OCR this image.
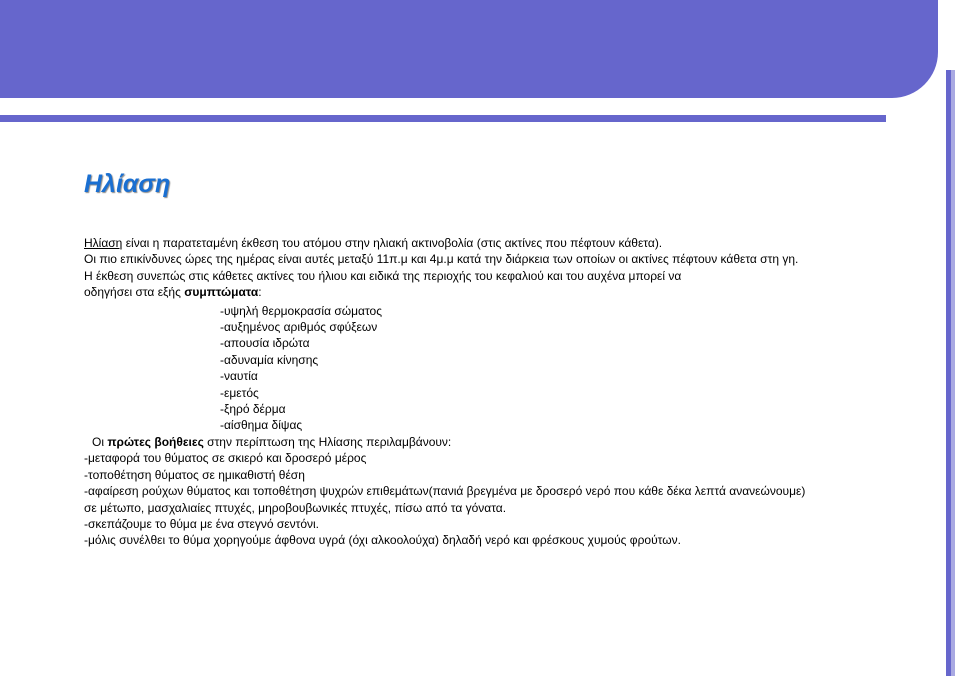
Ηλίαση
Ηλίαση είναι η παρατεταμένη έκθεση του ατόμου στην ηλιακή ακτινοβολία (στις ακτίνες που πέφτουν κάθετα).
Οι πιο επικίνδυνες ώρες της ημέρας είναι αυτές μεταξύ 11π.μ και 4μ.μ κατά την διάρκεια των οποίων οι ακτίνες πέφτουν κάθετα στη γη.
Η έκθεση συνεπώς στις κάθετες ακτίνες του ήλιου και ειδικά της περιοχής του κεφαλιού και του αυχένα μπορεί να
οδηγήσει στα εξής συμπτώματα:
-υψηλή θερμοκρασία σώματος
-αυξημένος αριθμός σφύξεων
-απουσία ιδρώτα
-αδυναμία κίνησης
-ναυτία
-εμετός
-ξηρό δέρμα
-αίσθημα δίψας
Οι πρώτες βοήθειες στην περίπτωση της Ηλίασης περιλαμβάνουν:
-μεταφορά του θύματος σε σκιερό και δροσερό μέρος
-τοποθέτηση θύματος σε ημικαθιστή θέση
-αφαίρεση ρούχων θύματος και τοποθέτηση ψυχρών επιθεμάτων(πανιά βρεγμένα με δροσερό νερό που κάθε δέκα λεπτά ανανεώνουμε)
σε μέτωπο, μασχαλιαίες πτυχές, μηροβουβωνικές πτυχές, πίσω από τα γόνατα.
-σκεπάζουμε το θύμα με ένα στεγνό σεντόνι.
-μόλις συνέλθει το θύμα χορηγούμε άφθονα υγρά (όχι αλκοολούχα) δηλαδή νερό και φρέσκους χυμούς φρούτων.
